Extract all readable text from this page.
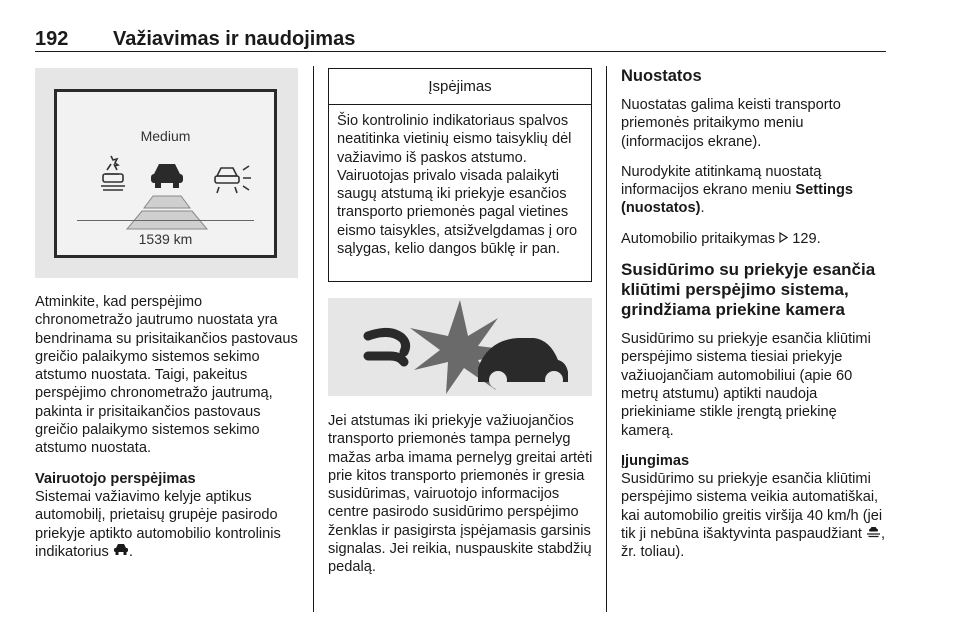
192 Važiavimas ir naudojimas
Medium
1539 km

Atminkite, kad perspėjimo chronometražo jautrumo nuostata yra bendrinama su prisitaikančios pastovaus greičio palaikymo sistemos sekimo atstumo nuostata. Taigi, pakeitus perspėjimo chronometražo jautrumą, pakinta ir prisitaikančios pastovaus greičio palaikymo sistemos sekimo atstumo nuostata.

Vairuotojo perspėjimas
Sistemai važiavimo kelyje aptikus automobilį, prietaisų grupėje pasirodo priekyje aptikto automobilio kontrolinis indikatorius .
Įspėjimas
Šio kontrolinio indikatoriaus spalvos neatitinka vietinių eismo taisyklių dėl važiavimo iš paskos atstumo. Vairuotojas privalo visada palaikyti saugų atstumą iki priekyje esančios transporto priemonės pagal vietines eismo taisykles, atsižvelgdamas į oro sąlygas, kelio dangos būklę ir pan.

Jei atstumas iki priekyje važiuojančios transporto priemonės tampa pernelyg mažas arba imama pernelyg greitai artėti prie kitos transporto priemonės ir gresia susidūrimas, vairuotojo informacijos centre pasirodo susidūrimo perspėjimo ženklas ir pasigirsta įspėjamasis garsinis signalas. Jei reikia, nuspauskite stabdžių pedalą.

Nuostatos

Nuostatas galima keisti transporto priemonės pritaikymo meniu (informacijos ekrane).

Nurodykite atitinkamą nuostatą informacijos ekrano meniu Settings (nuostatos).

Automobilio pritaikymas 129.

Susidūrimo su priekyje esančia kliūtimi perspėjimo sistema, grindžiama priekine kamera

Susidūrimo su priekyje esančia kliūtimi perspėjimo sistema tiesiai priekyje važiuojančiam automobiliui (apie 60 metrų atstumu) aptikti naudoja priekiniame stikle įrengtą priekinę kamerą.

Įjungimas
Susidūrimo su priekyje esančia kliūtimi perspėjimo sistema veikia automatiškai, kai automobilio greitis viršija 40 km/h (jei tik ji nebūna išaktyvinta paspaudžiant , žr. toliau).
